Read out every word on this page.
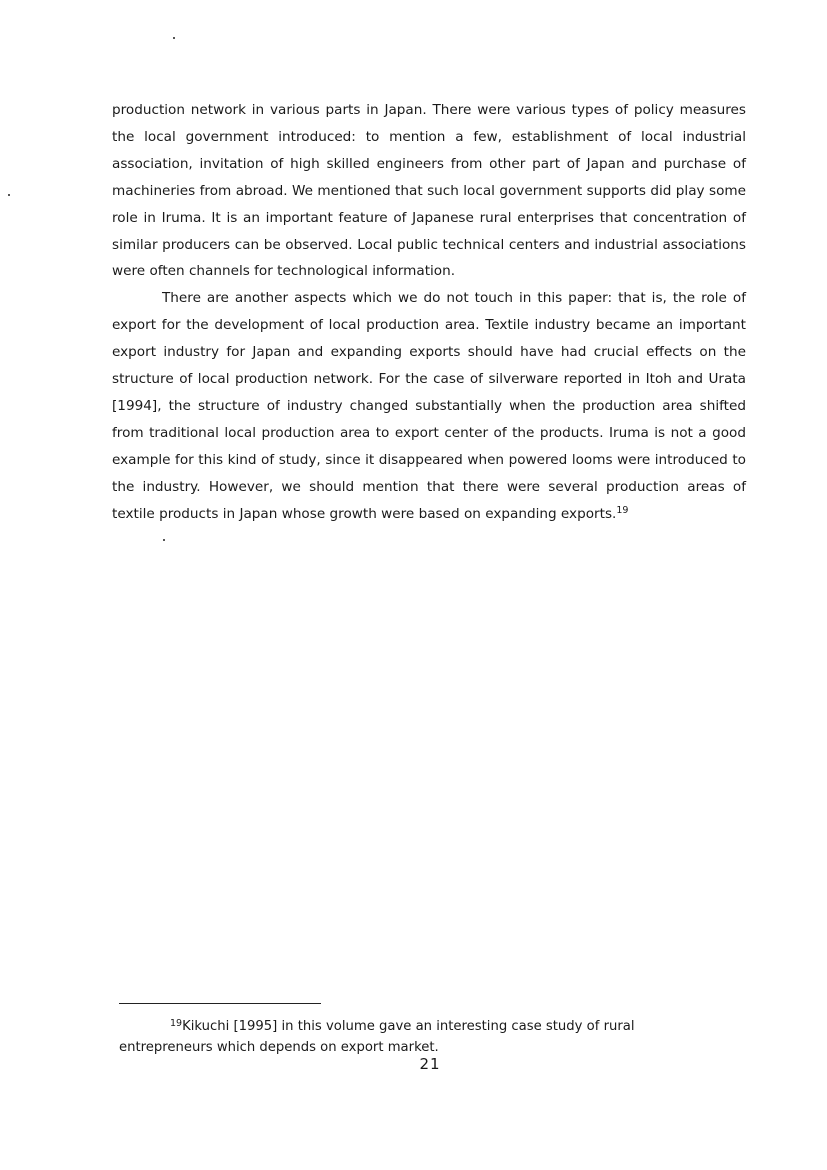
production network in various parts in Japan. There were various types of policy measures the local government introduced: to mention a few, establishment of local industrial association, invitation of high skilled engineers from other part of Japan and purchase of machineries from abroad. We mentioned that such local government supports did play some role in Iruma. It is an important feature of Japanese rural enterprises that concentration of similar producers can be observed. Local public technical centers and industrial associations were often channels for technological information.

There are another aspects which we do not touch in this paper: that is, the role of export for the development of local production area. Textile industry became an important export industry for Japan and expanding exports should have had crucial effects on the structure of local production network. For the case of silverware reported in Itoh and Urata [1994], the structure of industry changed substantially when the production area shifted from traditional local production area to export center of the products. Iruma is not a good example for this kind of study, since it disappeared when powered looms were introduced to the industry. However, we should mention that there were several production areas of textile products in Japan whose growth were based on expanding exports.$^{19}$

$^{19}$Kikuchi [1995] in this volume gave an interesting case study of rural
entrepreneurs which depends on export market.
21
